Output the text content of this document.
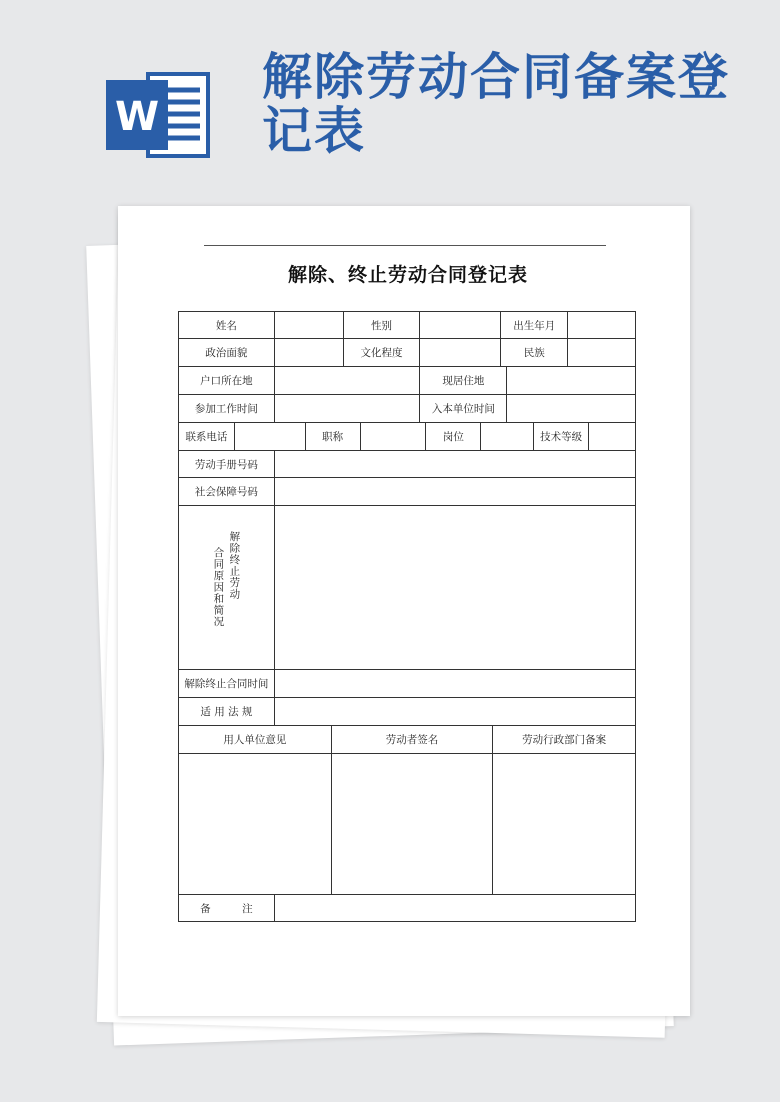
解除劳动合同备案登记表
W
解除、终止劳动合同登记表
姓名	性别	出生年月
政治面貌	文化程度	民族
户口所在地	现居住地
参加工作时间	入本单位时间
联系电话	职称	岗位	技术等级
劳动手册号码
社会保障号码
解除终止劳动
合同原因和简况
解除终止合同时间
适 用 法 规
用人单位意见	劳动者签名	劳动行政部门备案
备　　　注
